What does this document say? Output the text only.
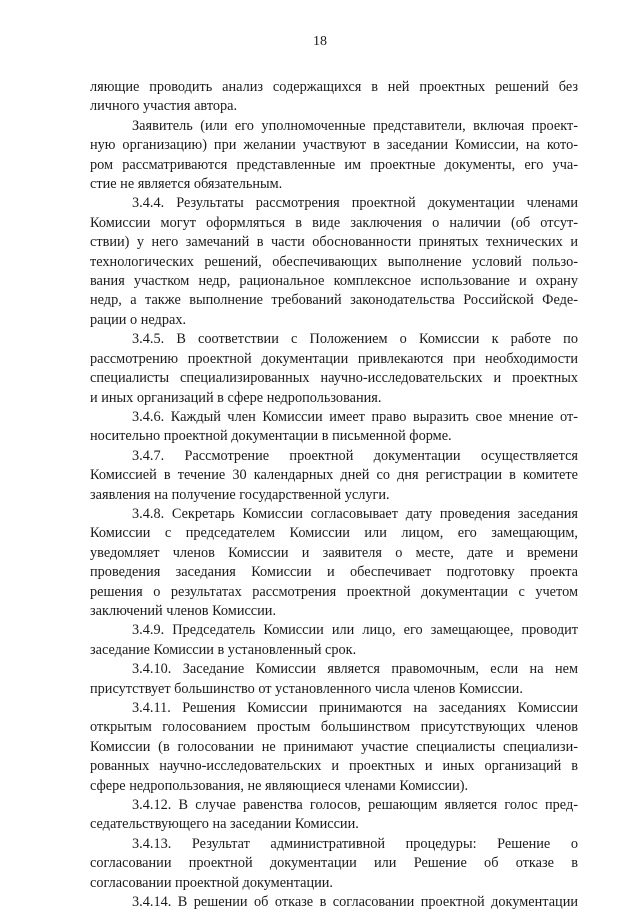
18
ляющие проводить анализ содержащихся в ней проектных решений без
личного участия автора.
Заявитель (или его уполномоченные представители, включая проект-
ную организацию) при желании участвуют в заседании Комиссии, на кото-
ром рассматриваются представленные им проектные документы, его уча-
стие не является обязательным.
3.4.4. Результаты рассмотрения проектной документации членами
Комиссии могут оформляться в виде заключения о наличии (об отсут-
ствии) у него замечаний в части обоснованности принятых технических и
технологических решений, обеспечивающих выполнение условий пользо-
вания участком недр, рациональное комплексное использование и охрану
недр, а также выполнение требований законодательства Российской Феде-
рации о недрах.
3.4.5. В соответствии с Положением о Комиссии к работе по
рассмотрению проектной документации привлекаются при необходимости
специалисты специализированных научно-исследовательских и проектных
и иных организаций в сфере недропользования.
3.4.6. Каждый член Комиссии имеет право выразить свое мнение от-
носительно проектной документации в письменной форме.
3.4.7. Рассмотрение проектной документации осуществляется
Комиссией в течение 30 календарных дней со дня регистрации в комитете
заявления на получение государственной услуги.
3.4.8. Секретарь Комиссии согласовывает дату проведения заседания
Комиссии с председателем Комиссии или лицом, его замещающим,
уведомляет членов Комиссии и заявителя о месте, дате и времени
проведения заседания Комиссии и обеспечивает подготовку проекта
решения о результатах рассмотрения проектной документации с учетом
заключений членов Комиссии.
3.4.9. Председатель Комиссии или лицо, его замещающее, проводит
заседание Комиссии в установленный срок.
3.4.10. Заседание Комиссии является правомочным, если на нем
присутствует большинство от установленного числа членов Комиссии.
3.4.11. Решения Комиссии принимаются на заседаниях Комиссии
открытым голосованием простым большинством присутствующих членов
Комиссии (в голосовании не принимают участие специалисты специализи-
рованных научно-исследовательских и проектных и иных организаций в
сфере недропользования, не являющиеся членами Комиссии).
3.4.12. В случае равенства голосов, решающим является голос пред-
седательствующего на заседании Комиссии.
3.4.13. Результат административной процедуры: Решение о
согласовании проектной документации или Решение об отказе в
согласовании проектной документации.
3.4.14. В решении об отказе в согласовании проектной документации
